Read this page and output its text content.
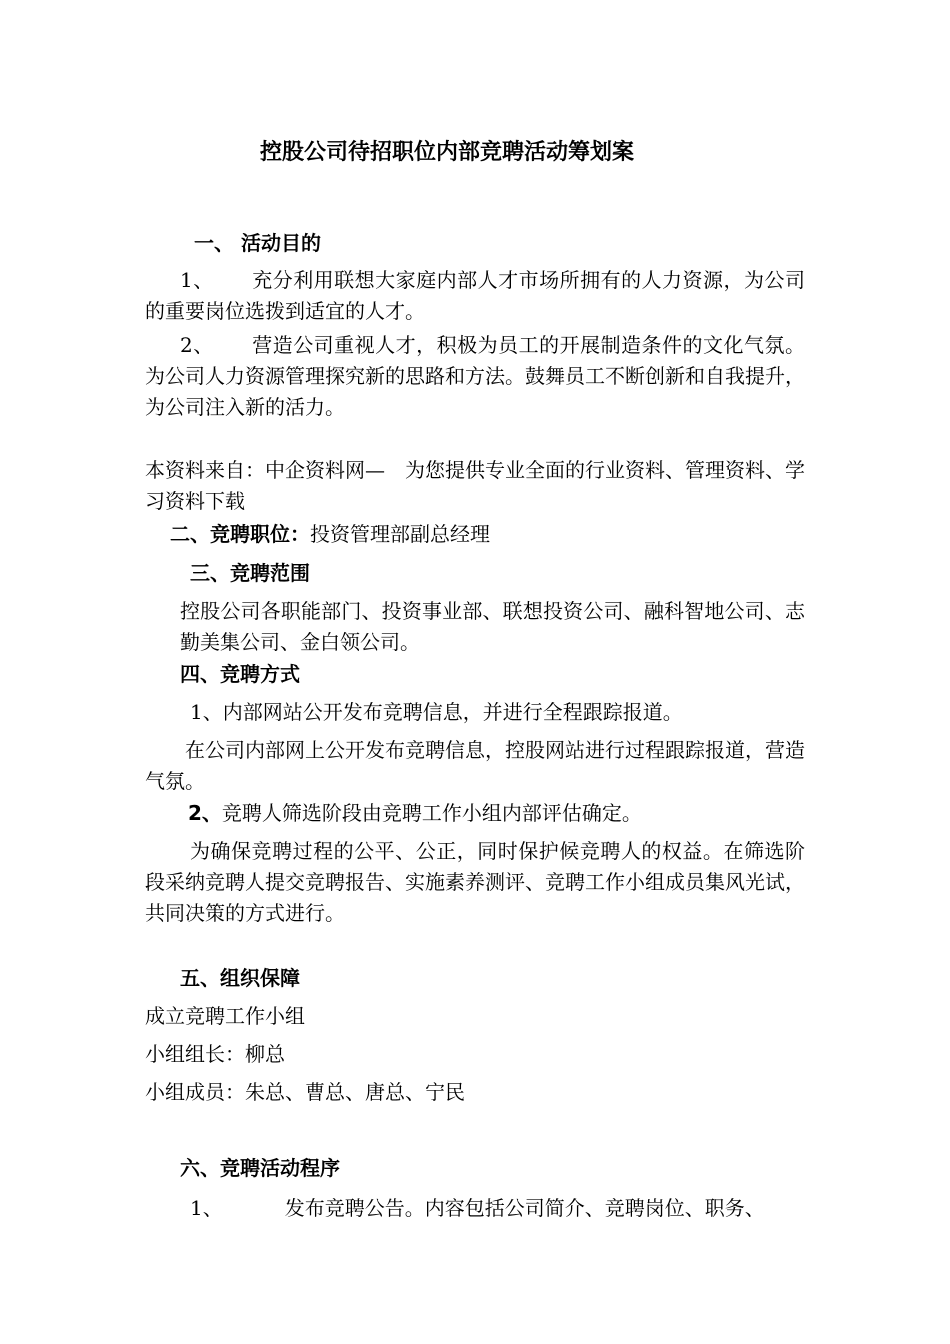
控股公司待招职位内部竞聘活动筹划案
一、 活动目的
1、 充分利用联想大家庭内部人才市场所拥有的人力资源，为公司的重要岗位选拨到适宜的人才。
2、 营造公司重视人才，积极为员工的开展制造条件的文化气氛。为公司人力资源管理探究新的思路和方法。鼓舞员工不断创新和自我提升，为公司注入新的活力。
本资料来自：中企资料网—　为您提供专业全面的行业资料、管理资料、学习资料下载
二、竞聘职位：投资管理部副总经理
三、竞聘范围
控股公司各职能部门、投资事业部、联想投资公司、融科智地公司、志勤美集公司、金白领公司。
四、竞聘方式
1、内部网站公开发布竞聘信息，并进行全程跟踪报道。
在公司内部网上公开发布竞聘信息，控股网站进行过程跟踪报道，营造气氛。
2、竞聘人筛选阶段由竞聘工作小组内部评估确定。
为确保竞聘过程的公平、公正，同时保护候竞聘人的权益。在筛选阶段采纳竞聘人提交竞聘报告、实施素养测评、竞聘工作小组成员集风光试，共同决策的方式进行。
五、组织保障
成立竞聘工作小组
小组组长：柳总
小组成员：朱总、曹总、唐总、宁民
六、竞聘活动程序
1、	发布竞聘公告。内容包括公司简介、竞聘岗位、职务、
